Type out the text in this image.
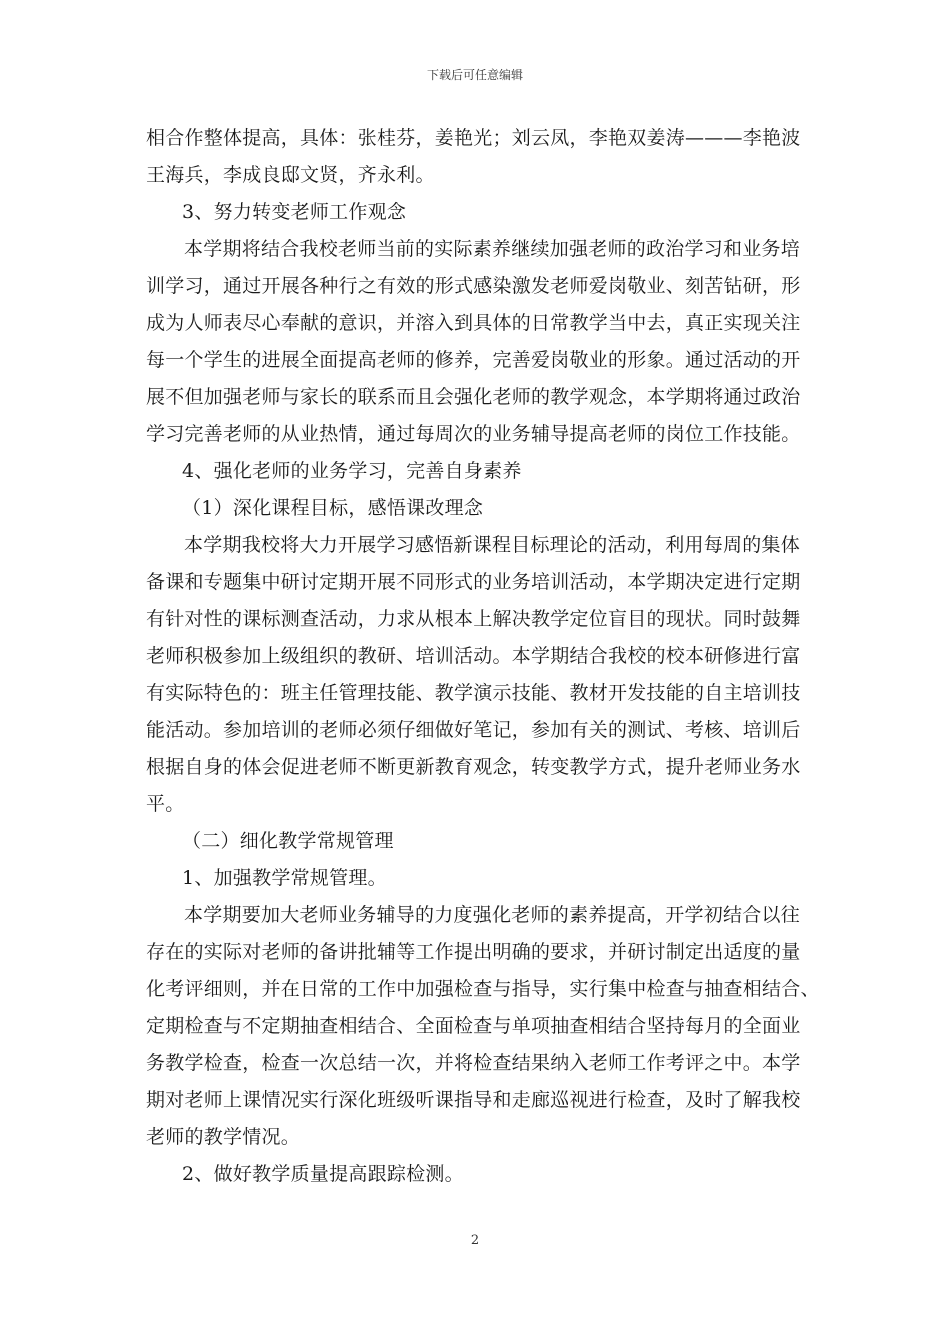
下载后可任意编辑
相合作整体提高，具体：张桂芬，姜艳光；刘云凤，李艳双姜涛———李艳波
王海兵，李成良邸文贤，齐永利。
3、努力转变老师工作观念
本学期将结合我校老师当前的实际素养继续加强老师的政治学习和业务培
训学习，通过开展各种行之有效的形式感染激发老师爱岗敬业、刻苦钻研，形
成为人师表尽心奉献的意识，并溶入到具体的日常教学当中去，真正实现关注
每一个学生的进展全面提高老师的修养，完善爱岗敬业的形象。通过活动的开
展不但加强老师与家长的联系而且会强化老师的教学观念，本学期将通过政治
学习完善老师的从业热情，通过每周次的业务辅导提高老师的岗位工作技能。
4、强化老师的业务学习，完善自身素养
（1）深化课程目标，感悟课改理念
本学期我校将大力开展学习感悟新课程目标理论的活动，利用每周的集体
备课和专题集中研讨定期开展不同形式的业务培训活动，本学期决定进行定期
有针对性的课标测查活动，力求从根本上解决教学定位盲目的现状。同时鼓舞
老师积极参加上级组织的教研、培训活动。本学期结合我校的校本研修进行富
有实际特色的：班主任管理技能、教学演示技能、教材开发技能的自主培训技
能活动。参加培训的老师必须仔细做好笔记，参加有关的测试、考核、培训后
根据自身的体会促进老师不断更新教育观念，转变教学方式，提升老师业务水
平。
（二）细化教学常规管理
1、加强教学常规管理。
本学期要加大老师业务辅导的力度强化老师的素养提高，开学初结合以往
存在的实际对老师的备讲批辅等工作提出明确的要求，并研讨制定出适度的量
化考评细则，并在日常的工作中加强检查与指导，实行集中检查与抽查相结合、
定期检查与不定期抽查相结合、全面检查与单项抽查相结合坚持每月的全面业
务教学检查，检查一次总结一次，并将检查结果纳入老师工作考评之中。本学
期对老师上课情况实行深化班级听课指导和走廊巡视进行检查，及时了解我校
老师的教学情况。
2、做好教学质量提高跟踪检测。
2
